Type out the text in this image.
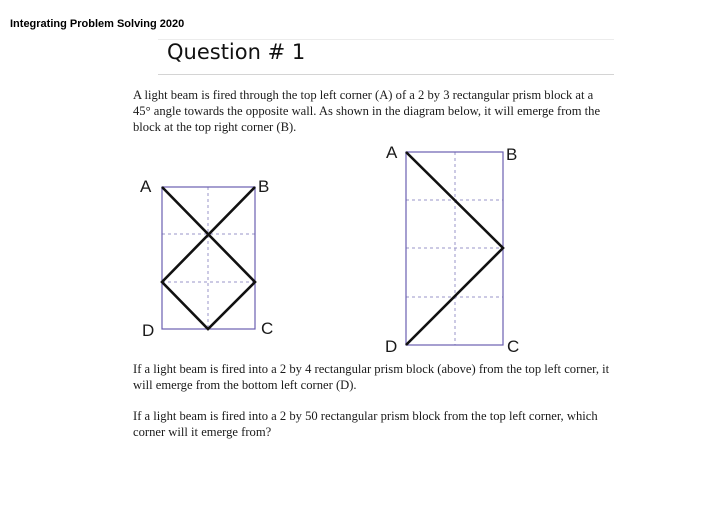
Integrating Problem Solving 2020
Question # 1
A light beam is fired through the top left corner (A) of a 2 by 3 rectangular prism block at a 45° angle towards the opposite wall. As shown in the diagram below, it will emerge from the block at the top right corner (B).
A	B
C
D
A	B
C
D
If a light beam is fired into a 2 by 4 rectangular prism block (above) from the top left corner, it will emerge from the bottom left corner (D).
If a light beam is fired into a 2 by 50 rectangular prism block from the top left corner, which corner will it emerge from?
